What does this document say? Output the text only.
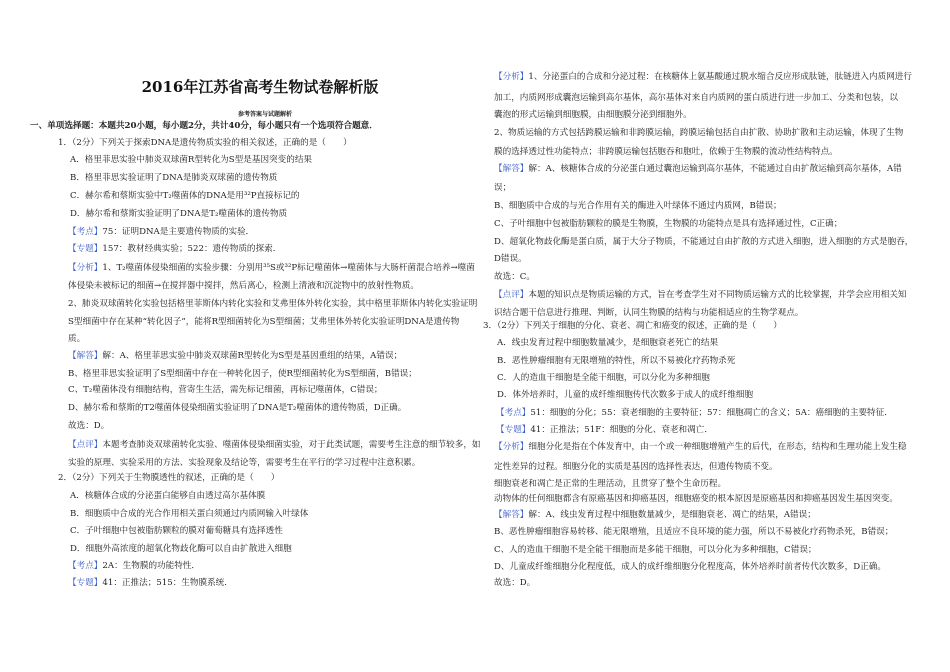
2016年江苏省高考生物试卷解析版
参考答案与试题解析
一、单项选择题：本题共20小题，每小题2分，共计40分，每小题只有一个选项符合题意．
1．（2分）下列关于探索DNA是遗传物质实验的相关叙述，正确的是（　　）
A．格里菲思实验中肺炎双球菌R型转化为S型是基因突变的结果
B．格里菲思实验证明了DNA是肺炎双球菌的遗传物质
C．赫尔希和蔡斯实验中T₂噬菌体的DNA是用³²P直接标记的
D．赫尔希和蔡斯实验证明了DNA是T₂噬菌体的遗传物质
【考点】75：证明DNA是主要遗传物质的实验．
【专题】157：教材经典实验；522：遗传物质的探索．
【分析】1、T₂噬菌体侵染细菌的实验步骤：分别用³⁵S或³²P标记噬菌体→噬菌体与大肠杆菌混合培养→噬菌
体侵染未被标记的细菌→在搅拌器中搅拌，然后离心，检测上清液和沉淀物中的放射性物质。
2、肺炎双球菌转化实验包括格里菲斯体内转化实验和艾弗里体外转化实验，其中格里菲斯体内转化实验证明
S型细菌中存在某种“转化因子”，能将R型细菌转化为S型细菌；艾弗里体外转化实验证明DNA是遗传物
质。
【解答】解：A、格里菲思实验中肺炎双球菌R型转化为S型是基因重组的结果，A错误；
B、格里菲思实验证明了S型细菌中存在一种转化因子，使R型细菌转化为S型细菌，B错误；
C、T₂噬菌体没有细胞结构，营寄生生活，需先标记细菌，再标记噬菌体，C错误；
D、赫尔希和蔡斯的T2噬菌体侵染细菌实验证明了DNA是T₂噬菌体的遗传物质，D正确。
故选：D。
【点评】本题考查肺炎双球菌转化实验、噬菌体侵染细菌实验，对于此类试题，需要考生注意的细节较多，如
实验的原理、实验采用的方法、实验现象及结论等，需要考生在平行的学习过程中注意积累。
2．（2分）下列关于生物膜透性的叙述，正确的是（　　）
A．核糖体合成的分泌蛋白能够自由透过高尔基体膜
B．细胞质中合成的光合作用相关蛋白须通过内质网输入叶绿体
C．子叶细胞中包被脂肪颗粒的膜对葡萄糖具有选择透性
D．细胞外高浓度的超氧化物歧化酶可以自由扩散进入细胞
【考点】2A：生物膜的功能特性．
【专题】41：正推法；515：生物膜系统．
【分析】1、分泌蛋白的合成和分泌过程：在核糖体上氨基酸通过脱水缩合反应形成肽链，肽链进入内质网进行
加工，内质网形成囊泡运输到高尔基体，高尔基体对来自内质网的蛋白质进行进一步加工、分类和包装，以
囊泡的形式运输到细胞膜，由细胞膜分泌到细胞外。
2、物质运输的方式包括跨膜运输和非跨膜运输，跨膜运输包括自由扩散、协助扩散和主动运输，体现了生物
膜的选择透过性功能特点；非跨膜运输包括胞吞和胞吐，依赖于生物膜的流动性结构特点。
【解答】解：A、核糖体合成的分泌蛋白通过囊泡运输到高尔基体，不能通过自由扩散运输到高尔基体，A错
误；
B、细胞质中合成的与光合作用有关的酶进入叶绿体不通过内质网，B错误；
C、子叶细胞中包被脂肪颗粒的膜是生物膜，生物膜的功能特点是具有选择通过性，C正确；
D、超氧化物歧化酶是蛋白质，属于大分子物质，不能通过自由扩散的方式进入细胞，进入细胞的方式是胞吞，
D错误。
故选：C。
【点评】本题的知识点是物质运输的方式，旨在考查学生对不同物质运输方式的比较掌握，并学会应用相关知
识结合题干信息进行推理、判断，认同生物膜的结构与功能相适应的生物学观点。
3．（2分）下列关于细胞的分化、衰老、凋亡和癌变的叙述，正确的是（　　）
A．线虫发育过程中细胞数量减少，是细胞衰老死亡的结果
B．恶性肿瘤细胞有无限增殖的特性，所以不易被化疗药物杀死
C．人的造血干细胞是全能干细胞，可以分化为多种细胞
D．体外培养时，儿童的成纤维细胞传代次数多于成人的成纤维细胞
【考点】51：细胞的分化；55：衰老细胞的主要特征；57：细胞凋亡的含义；5A：癌细胞的主要特征．
【专题】41：正推法；51F：细胞的分化、衰老和凋亡．
【分析】细胞分化是指在个体发育中，由一个或一种细胞增殖产生的后代，在形态，结构和生理功能上发生稳
定性差异的过程。细胞分化的实质是基因的选择性表达，但遗传物质不变。
细胞衰老和凋亡是正常的生理活动，且贯穿了整个生命历程。
动物体的任何细胞都含有原癌基因和抑癌基因，细胞癌变的根本原因是原癌基因和抑癌基因发生基因突变。
【解答】解：A、线虫发育过程中细胞数量减少，是细胞衰老、凋亡的结果，A错误；
B、恶性肿瘤细胞容易转移、能无限增殖，且适应不良环境的能力强，所以不易被化疗药物杀死，B错误；
C、人的造血干细胞不是全能干细胞而是多能干细胞，可以分化为多种细胞，C错误；
D、儿童成纤维细胞分化程度低，成人的成纤维细胞分化程度高，体外培养时前者传代次数多，D正确。
故选：D。
